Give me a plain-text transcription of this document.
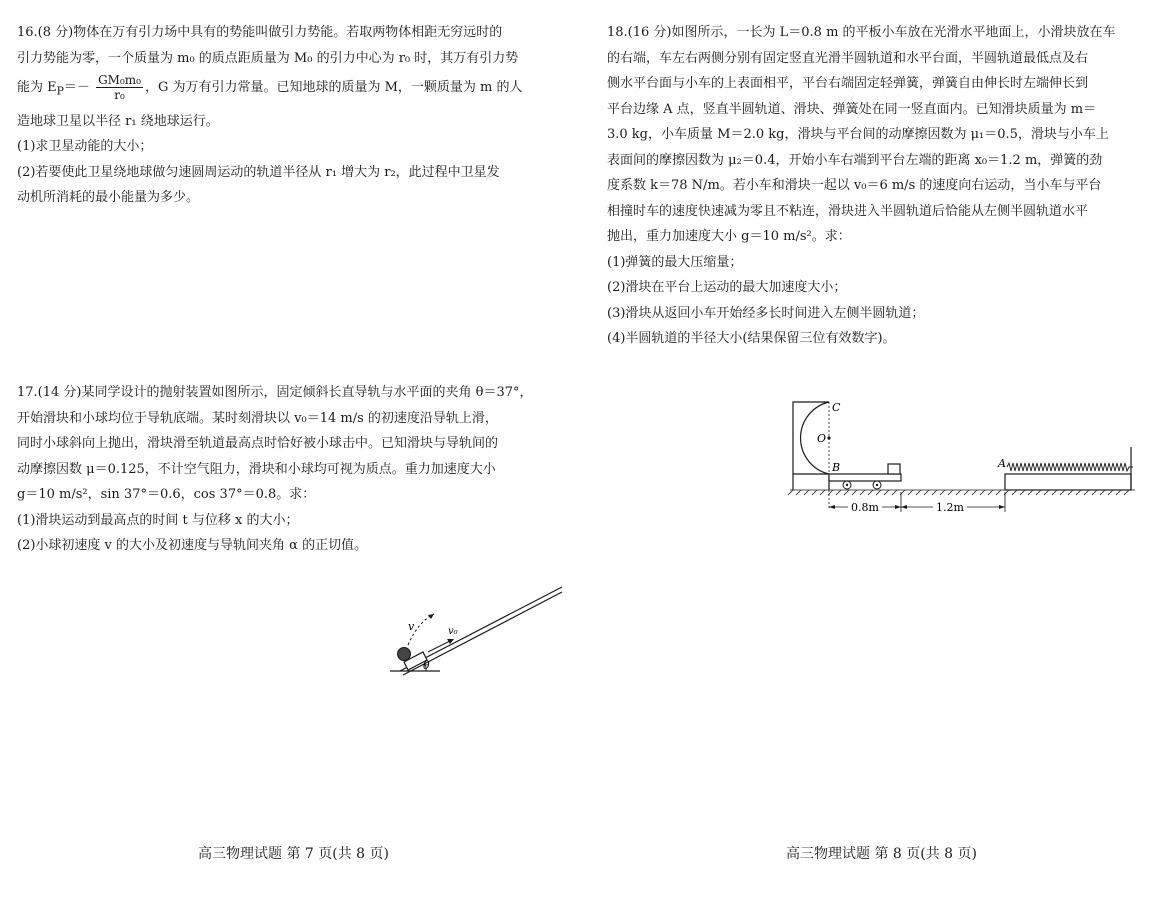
16.(8 分)物体在万有引力场中具有的势能叫做引力势能。若取两物体相距无穷远时的
引力势能为零，一个质量为 m₀ 的质点距质量为 M₀ 的引力中心为 r₀ 时，其万有引力势
能为 $E_P=- \frac{\text{GM₀m₀}}{\text{r₀}}$ ，G 为万有引力常量。已知地球的质量为 M，一颗质量为 m 的人
造地球卫星以半径 r₁ 绕地球运行。
(1)求卫星动能的大小；
(2)若要使此卫星绕地球做匀速圆周运动的轨道半径从 r₁ 增大为 r₂，此过程中卫星发
动机所消耗的最小能量为多少。
17.(14 分)某同学设计的抛射装置如图所示，固定倾斜长直导轨与水平面的夹角 θ＝37°，
开始滑块和小球均位于导轨底端。某时刻滑块以 v₀＝14 m/s 的初速度沿导轨上滑，
同时小球斜向上抛出，滑块滑至轨道最高点时恰好被小球击中。已知滑块与导轨间的
动摩擦因数 μ＝0.125，不计空气阻力，滑块和小球均可视为质点。重力加速度大小
g＝10 m/s²，sin 37°＝0.6，cos 37°＝0.8。求：
(1)滑块运动到最高点的时间 t 与位移 x 的大小；
(2)小球初速度 v 的大小及初速度与导轨间夹角 α 的正切值。
v	v₀
θ
18.(16 分)如图所示，一长为 L＝0.8 m 的平板小车放在光滑水平地面上，小滑块放在车
的右端，车左右两侧分别有固定竖直光滑半圆轨道和水平台面，半圆轨道最低点及右
侧水平台面与小车的上表面相平，平台右端固定轻弹簧，弹簧自由伸长时左端伸长到
平台边缘 A 点，竖直半圆轨道、滑块、弹簧处在同一竖直面内。已知滑块质量为 m＝
3.0 kg，小车质量 M＝2.0 kg，滑块与平台间的动摩擦因数为 μ₁＝0.5，滑块与小车上
表面间的摩擦因数为 μ₂＝0.4，开始小车右端到平台左端的距离 x₀＝1.2 m，弹簧的劲
度系数 k＝78 N/m。若小车和滑块一起以 v₀＝6 m/s 的速度向右运动，当小车与平台
相撞时车的速度快速减为零且不粘连，滑块进入半圆轨道后恰能从左侧半圆轨道水平
抛出，重力加速度大小 g＝10 m/s²。求：
(1)弹簧的最大压缩量；
(2)滑块在平台上运动的最大加速度大小；
(3)滑块从返回小车开始经多长时间进入左侧半圆轨道；
(4)半圆轨道的半径大小(结果保留三位有效数字)。
C
O
B	A
0.8m	1.2m
高三物理试题 第 7 页(共 8 页)	高三物理试题 第 8 页(共 8 页)
